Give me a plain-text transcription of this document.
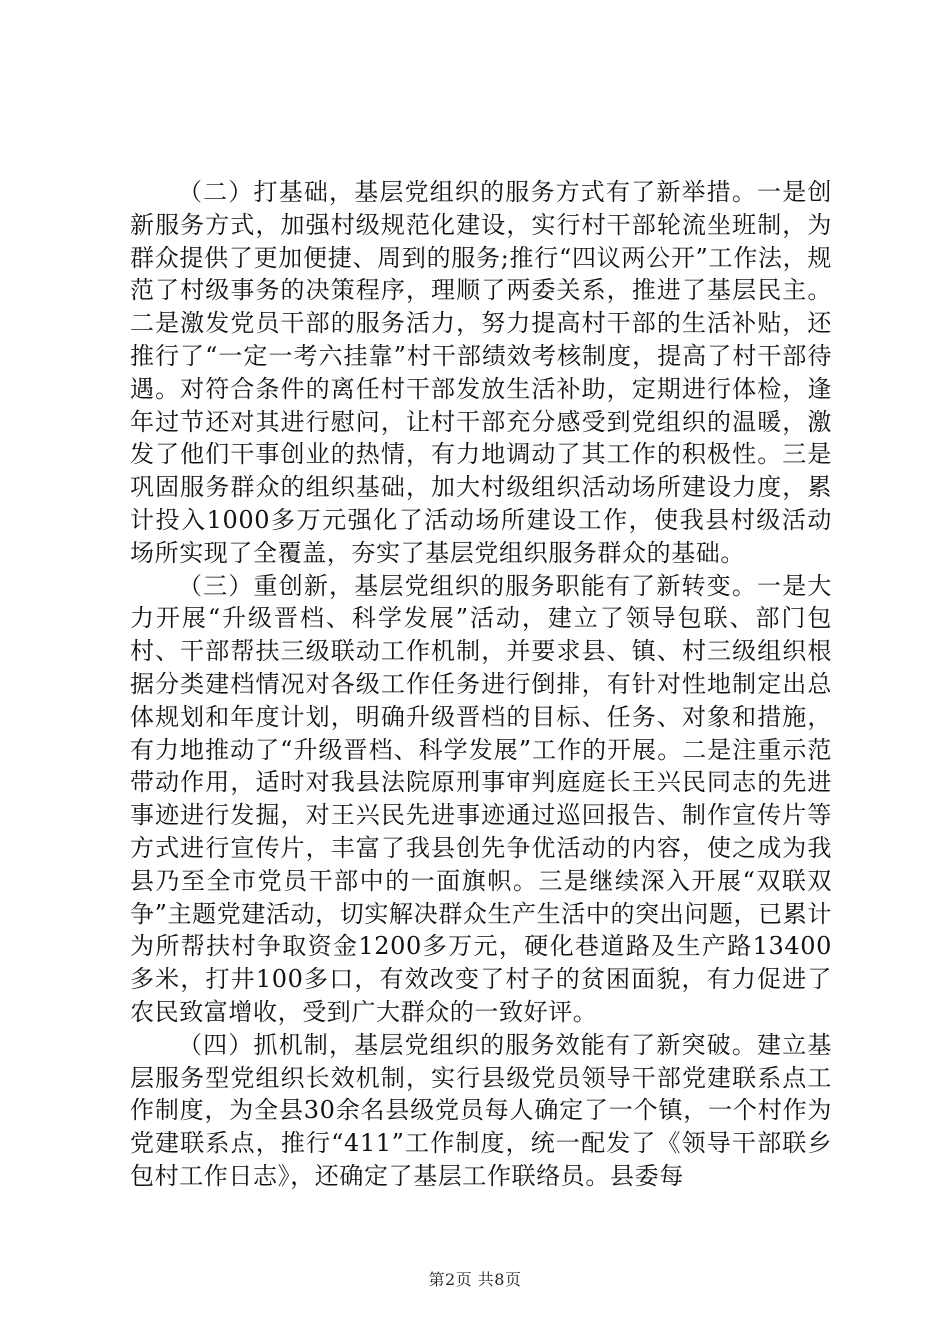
（二）打基础，基层党组织的服务方式有了新举措。一是创新服务方式，加强村级规范化建设，实行村干部轮流坐班制，为群众提供了更加便捷、周到的服务;推行“四议两公开”工作法，规范了村级事务的决策程序，理顺了两委关系，推进了基层民主。二是激发党员干部的服务活力，努力提高村干部的生活补贴，还推行了“一定一考六挂靠”村干部绩效考核制度，提高了村干部待遇。对符合条件的离任村干部发放生活补助，定期进行体检，逢年过节还对其进行慰问，让村干部充分感受到党组织的温暖，激发了他们干事创业的热情，有力地调动了其工作的积极性。三是巩固服务群众的组织基础，加大村级组织活动场所建设力度，累计投入1000多万元强化了活动场所建设工作，使我县村级活动场所实现了全覆盖，夯实了基层党组织服务群众的基础。

（三）重创新，基层党组织的服务职能有了新转变。一是大力开展“升级晋档、科学发展”活动，建立了领导包联、部门包村、干部帮扶三级联动工作机制，并要求县、镇、村三级组织根据分类建档情况对各级工作任务进行倒排，有针对性地制定出总体规划和年度计划，明确升级晋档的目标、任务、对象和措施，有力地推动了“升级晋档、科学发展”工作的开展。二是注重示范带动作用，适时对我县法院原刑事审判庭庭长王兴民同志的先进事迹进行发掘，对王兴民先进事迹通过巡回报告、制作宣传片等方式进行宣传片，丰富了我县创先争优活动的内容，使之成为我县乃至全市党员干部中的一面旗帜。三是继续深入开展“双联双争”主题党建活动，切实解决群众生产生活中的突出问题，已累计为所帮扶村争取资金1200多万元，硬化巷道路及生产路13400多米，打井100多口，有效改变了村子的贫困面貌，有力促进了农民致富增收，受到广大群众的一致好评。

（四）抓机制，基层党组织的服务效能有了新突破。建立基层服务型党组织长效机制，实行县级党员领导干部党建联系点工作制度，为全县30余名县级党员每人确定了一个镇，一个村作为党建联系点，推行“411”工作制度，统一配发了《领导干部联乡包村工作日志》，还确定了基层工作联络员。县委每

第2页 共8页
